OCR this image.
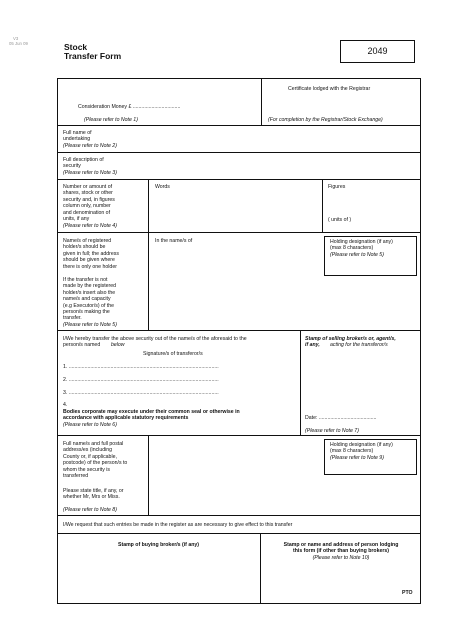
V3
05 Jun 09	Stock
Transfer Form	2049
Certificate lodged with the Registrar
Consideration Money £ .................................
(Please refer to Note 1)	(For completion by the Registrar/Stock Exchange)
Full name of
undertaking
(Please refer to Note 2)
Full description of
security
(Please refer to Note 3)
Number or amount of
shares, stock or other
security and, in figures
column only, number
and denomination of
units, if any
(Please refer to Note 4)
Words	Figures
( units of )
Name/s of registered
holder/s should be
given in full; the address
should be given where
there is only one holder
If the transfer is not
made by the registered
holder/s insert also the
name/s and capacity
(e.g Executor/s) of the
person/s making the
transfer.
(Please refer to Note 5)
In the name/s of	Holding designation (if any)
(max 8 characters)
(Please refer to Note 5)
I/We hereby transfer the above security out of the name/s of the aforesaid to the
person/s named	below
Signature/s of transferor/s
1. ........................................................................................................
2. ........................................................................................................
3. ........................................................................................................
4.
Bodies corporate may execute under their common seal or otherwise in
accordance with applicable statutory requirements
(Please refer to Note 6)
Stamp of selling broker/s or, agent/s,
if any,	acting for the transferor/s
Date: ........................................
(Please refer to Note 7)
Full name/s and full postal
address/es (including
County or, if applicable,
postcode) of the person/s to
whom the security is
transferred
Please state title, if any, or
whether Mr, Mrs or Miss.
(Please refer to Note 8)
Holding designation (if any)
(max 8 characters)
(Please refer to Note 9)
I/We request that such entries be made in the register as are necessary to give effect to this transfer
Stamp of buying broker/s (if any)	Stamp or name and address of person lodging
this form (if other than buying brokers)
(Please refer to Note 10)
PTO
